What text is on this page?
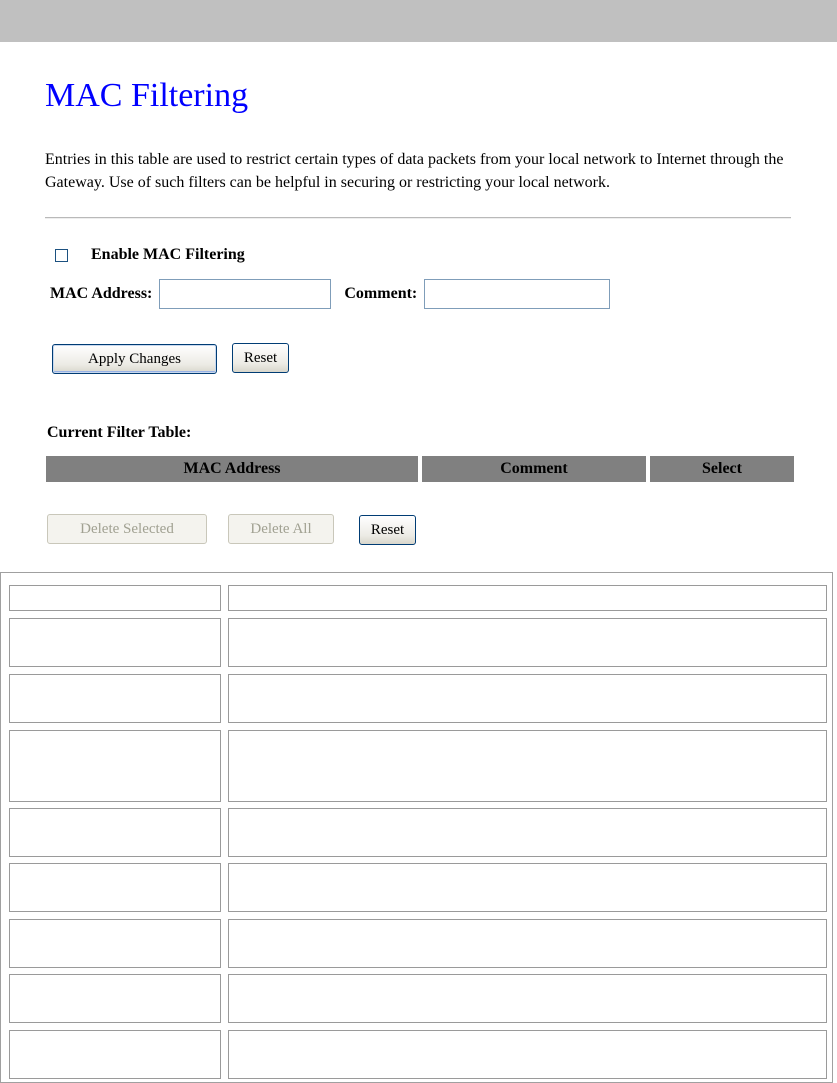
MAC Filtering

Entries in this table are used to restrict certain types of data packets from your local network to Internet through the Gateway. Use of such filters can be helpful in securing or restricting your local network.

Enable MAC Filtering
MAC Address:	Comment:
Apply Changes	Reset
Current Filter Table:
MAC Address	Comment	Select
Delete Selected	Delete All	Reset
